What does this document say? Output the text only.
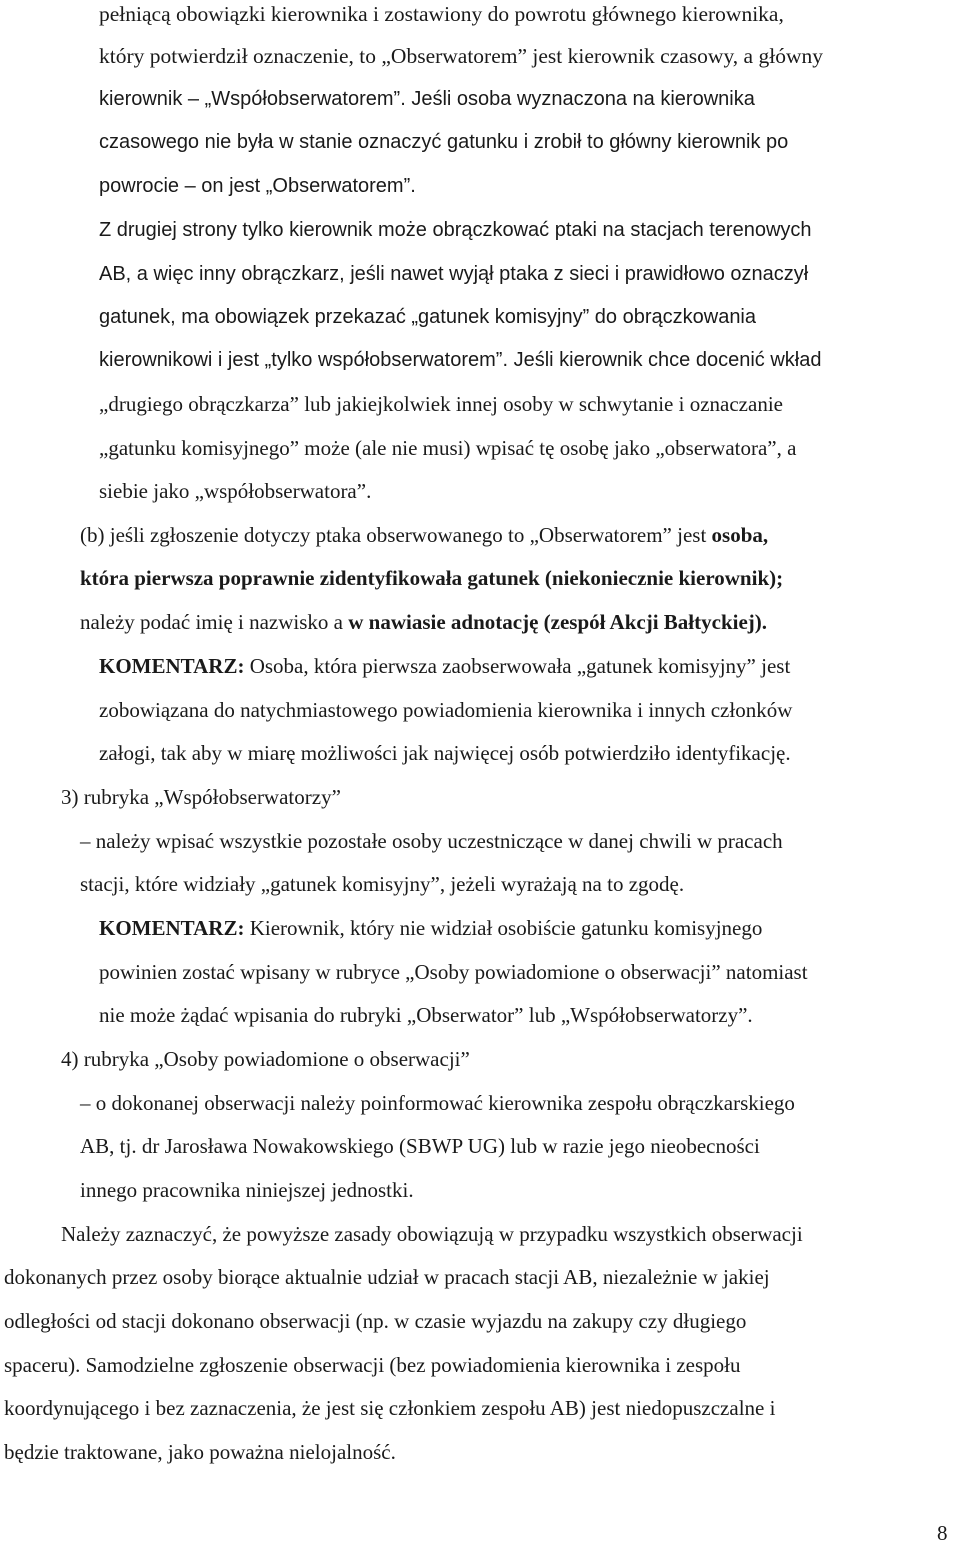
pełniącą obowiązki kierownika i zostawiony do powrotu głównego kierownika,
który potwierdził oznaczenie, to „Obserwatorem” jest kierownik czasowy, a główny
kierownik – „Współobserwatorem”. Jeśli osoba wyznaczona na kierownika
czasowego nie była w stanie oznaczyć gatunku i zrobił to główny kierownik po
powrocie – on jest „Obserwatorem”.
Z drugiej strony tylko kierownik może obrączkować ptaki na stacjach terenowych
AB, a więc inny obrączkarz, jeśli nawet wyjął ptaka z sieci i prawidłowo oznaczył
gatunek, ma obowiązek przekazać „gatunek komisyjny” do obrączkowania
kierownikowi i jest „tylko współobserwatorem”. Jeśli kierownik chce docenić wkład
„drugiego obrączkarza” lub jakiejkolwiek innej osoby w schwytanie i oznaczanie
„gatunku komisyjnego” może (ale nie musi) wpisać tę osobę jako „obserwatora”, a
siebie jako „współobserwatora”.
(b) jeśli zgłoszenie dotyczy ptaka obserwowanego to „Obserwatorem” jest osoba,
która pierwsza poprawnie zidentyfikowała gatunek (niekoniecznie kierownik);
należy podać imię i nazwisko a w nawiasie adnotację (zespół Akcji Bałtyckiej).
KOMENTARZ: Osoba, która pierwsza zaobserwowała „gatunek komisyjny” jest
zobowiązana do natychmiastowego powiadomienia kierownika i innych członków
załogi, tak aby w miarę możliwości jak najwięcej osób potwierdziło identyfikację.
3) rubryka „Współobserwatorzy”
– należy wpisać wszystkie pozostałe osoby uczestniczące w danej chwili w pracach
stacji, które widziały „gatunek komisyjny”, jeżeli wyrażają na to zgodę.
KOMENTARZ: Kierownik, który nie widział osobiście gatunku komisyjnego
powinien zostać wpisany w rubryce „Osoby powiadomione o obserwacji” natomiast
nie może żądać wpisania do rubryki „Obserwator” lub „Współobserwatorzy”.
4) rubryka „Osoby powiadomione o obserwacji”
– o dokonanej obserwacji należy poinformować kierownika zespołu obrączkarskiego
AB, tj. dr Jarosława Nowakowskiego (SBWP UG) lub w razie jego nieobecności
innego pracownika niniejszej jednostki.
Należy zaznaczyć, że powyższe zasady obowiązują w przypadku wszystkich obserwacji
dokonanych przez osoby biorące aktualnie udział w pracach stacji AB, niezależnie w jakiej
odległości od stacji dokonano obserwacji (np. w czasie wyjazdu na zakupy czy długiego
spaceru). Samodzielne zgłoszenie obserwacji (bez powiadomienia kierownika i zespołu
koordynującego i bez zaznaczenia, że jest się członkiem zespołu AB) jest niedopuszczalne i
będzie traktowane, jako poważna nielojalność.
8
